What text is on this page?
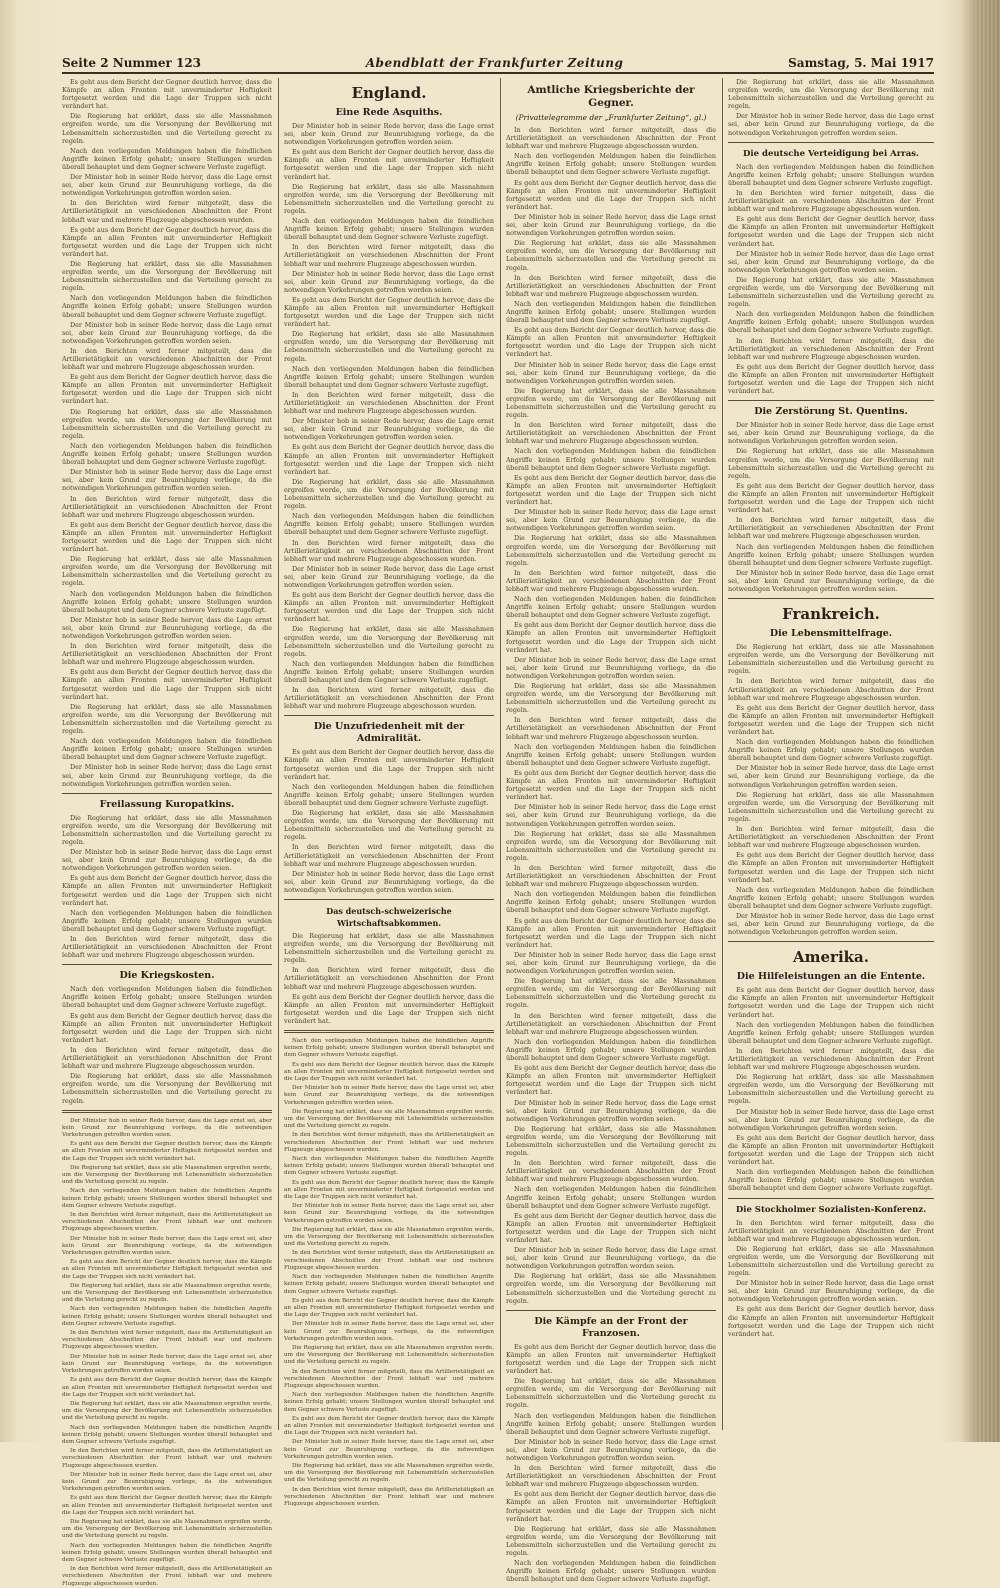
Seite 2 Nummer 123	Abendblatt der Frankfurter Zeitung	Samstag, 5. Mai 1917

Es geht aus dem Bericht der Gegner deutlich hervor, dass die Kämpfe an allen Fronten mit unverminderter Heftigkeit fortgesetzt werden und die Lage der Truppen sich nicht verändert hat.

Die Regierung hat erklärt, dass sie alle Massnahmen ergreifen werde, um die Versorgung der Bevölkerung mit Lebensmitteln sicherzustellen und die Verteilung gerecht zu regeln.

Nach den vorliegenden Meldungen haben die feindlichen Angriffe keinen Erfolg gehabt; unsere Stellungen wurden überall behauptet und dem Gegner schwere Verluste zugefügt.

Der Minister hob in seiner Rede hervor, dass die Lage ernst sei, aber kein Grund zur Beunruhigung vorliege, da die notwendigen Vorkehrungen getroffen worden seien.

In den Berichten wird ferner mitgeteilt, dass die Artillerietätigkeit an verschiedenen Abschnitten der Front lebhaft war und mehrere Flugzeuge abgeschossen wurden.

Es geht aus dem Bericht der Gegner deutlich hervor, dass die Kämpfe an allen Fronten mit unverminderter Heftigkeit fortgesetzt werden und die Lage der Truppen sich nicht verändert hat.

Die Regierung hat erklärt, dass sie alle Massnahmen ergreifen werde, um die Versorgung der Bevölkerung mit Lebensmitteln sicherzustellen und die Verteilung gerecht zu regeln.

Nach den vorliegenden Meldungen haben die feindlichen Angriffe keinen Erfolg gehabt; unsere Stellungen wurden überall behauptet und dem Gegner schwere Verluste zugefügt.

Der Minister hob in seiner Rede hervor, dass die Lage ernst sei, aber kein Grund zur Beunruhigung vorliege, da die notwendigen Vorkehrungen getroffen worden seien.

In den Berichten wird ferner mitgeteilt, dass die Artillerietätigkeit an verschiedenen Abschnitten der Front lebhaft war und mehrere Flugzeuge abgeschossen wurden.

Es geht aus dem Bericht der Gegner deutlich hervor, dass die Kämpfe an allen Fronten mit unverminderter Heftigkeit fortgesetzt werden und die Lage der Truppen sich nicht verändert hat.

Die Regierung hat erklärt, dass sie alle Massnahmen ergreifen werde, um die Versorgung der Bevölkerung mit Lebensmitteln sicherzustellen und die Verteilung gerecht zu regeln.

Nach den vorliegenden Meldungen haben die feindlichen Angriffe keinen Erfolg gehabt; unsere Stellungen wurden überall behauptet und dem Gegner schwere Verluste zugefügt.

Der Minister hob in seiner Rede hervor, dass die Lage ernst sei, aber kein Grund zur Beunruhigung vorliege, da die notwendigen Vorkehrungen getroffen worden seien.

In den Berichten wird ferner mitgeteilt, dass die Artillerietätigkeit an verschiedenen Abschnitten der Front lebhaft war und mehrere Flugzeuge abgeschossen wurden.

Es geht aus dem Bericht der Gegner deutlich hervor, dass die Kämpfe an allen Fronten mit unverminderter Heftigkeit fortgesetzt werden und die Lage der Truppen sich nicht verändert hat.

Die Regierung hat erklärt, dass sie alle Massnahmen ergreifen werde, um die Versorgung der Bevölkerung mit Lebensmitteln sicherzustellen und die Verteilung gerecht zu regeln.

Nach den vorliegenden Meldungen haben die feindlichen Angriffe keinen Erfolg gehabt; unsere Stellungen wurden überall behauptet und dem Gegner schwere Verluste zugefügt.

Der Minister hob in seiner Rede hervor, dass die Lage ernst sei, aber kein Grund zur Beunruhigung vorliege, da die notwendigen Vorkehrungen getroffen worden seien.

In den Berichten wird ferner mitgeteilt, dass die Artillerietätigkeit an verschiedenen Abschnitten der Front lebhaft war und mehrere Flugzeuge abgeschossen wurden.

Es geht aus dem Bericht der Gegner deutlich hervor, dass die Kämpfe an allen Fronten mit unverminderter Heftigkeit fortgesetzt werden und die Lage der Truppen sich nicht verändert hat.

Die Regierung hat erklärt, dass sie alle Massnahmen ergreifen werde, um die Versorgung der Bevölkerung mit Lebensmitteln sicherzustellen und die Verteilung gerecht zu regeln.

Nach den vorliegenden Meldungen haben die feindlichen Angriffe keinen Erfolg gehabt; unsere Stellungen wurden überall behauptet und dem Gegner schwere Verluste zugefügt.

Der Minister hob in seiner Rede hervor, dass die Lage ernst sei, aber kein Grund zur Beunruhigung vorliege, da die notwendigen Vorkehrungen getroffen worden seien.

Freilassung Kuropatkins.

Die Regierung hat erklärt, dass sie alle Massnahmen ergreifen werde, um die Versorgung der Bevölkerung mit Lebensmitteln sicherzustellen und die Verteilung gerecht zu regeln.

Der Minister hob in seiner Rede hervor, dass die Lage ernst sei, aber kein Grund zur Beunruhigung vorliege, da die notwendigen Vorkehrungen getroffen worden seien.

Es geht aus dem Bericht der Gegner deutlich hervor, dass die Kämpfe an allen Fronten mit unverminderter Heftigkeit fortgesetzt werden und die Lage der Truppen sich nicht verändert hat.

Nach den vorliegenden Meldungen haben die feindlichen Angriffe keinen Erfolg gehabt; unsere Stellungen wurden überall behauptet und dem Gegner schwere Verluste zugefügt.

In den Berichten wird ferner mitgeteilt, dass die Artillerietätigkeit an verschiedenen Abschnitten der Front lebhaft war und mehrere Flugzeuge abgeschossen wurden.

Die Kriegskosten.

Nach den vorliegenden Meldungen haben die feindlichen Angriffe keinen Erfolg gehabt; unsere Stellungen wurden überall behauptet und dem Gegner schwere Verluste zugefügt.

Es geht aus dem Bericht der Gegner deutlich hervor, dass die Kämpfe an allen Fronten mit unverminderter Heftigkeit fortgesetzt werden und die Lage der Truppen sich nicht verändert hat.

In den Berichten wird ferner mitgeteilt, dass die Artillerietätigkeit an verschiedenen Abschnitten der Front lebhaft war und mehrere Flugzeuge abgeschossen wurden.

Die Regierung hat erklärt, dass sie alle Massnahmen ergreifen werde, um die Versorgung der Bevölkerung mit Lebensmitteln sicherzustellen und die Verteilung gerecht zu regeln.

Der Minister hob in seiner Rede hervor, dass die Lage ernst sei, aber kein Grund zur Beunruhigung vorliege, da die notwendigen Vorkehrungen getroffen worden seien.

Es geht aus dem Bericht der Gegner deutlich hervor, dass die Kämpfe an allen Fronten mit unverminderter Heftigkeit fortgesetzt werden und die Lage der Truppen sich nicht verändert hat.

Die Regierung hat erklärt, dass sie alle Massnahmen ergreifen werde, um die Versorgung der Bevölkerung mit Lebensmitteln sicherzustellen und die Verteilung gerecht zu regeln.

Nach den vorliegenden Meldungen haben die feindlichen Angriffe keinen Erfolg gehabt; unsere Stellungen wurden überall behauptet und dem Gegner schwere Verluste zugefügt.

In den Berichten wird ferner mitgeteilt, dass die Artillerietätigkeit an verschiedenen Abschnitten der Front lebhaft war und mehrere Flugzeuge abgeschossen wurden.

Der Minister hob in seiner Rede hervor, dass die Lage ernst sei, aber kein Grund zur Beunruhigung vorliege, da die notwendigen Vorkehrungen getroffen worden seien.

Es geht aus dem Bericht der Gegner deutlich hervor, dass die Kämpfe an allen Fronten mit unverminderter Heftigkeit fortgesetzt werden und die Lage der Truppen sich nicht verändert hat.

Die Regierung hat erklärt, dass sie alle Massnahmen ergreifen werde, um die Versorgung der Bevölkerung mit Lebensmitteln sicherzustellen und die Verteilung gerecht zu regeln.

Nach den vorliegenden Meldungen haben die feindlichen Angriffe keinen Erfolg gehabt; unsere Stellungen wurden überall behauptet und dem Gegner schwere Verluste zugefügt.

In den Berichten wird ferner mitgeteilt, dass die Artillerietätigkeit an verschiedenen Abschnitten der Front lebhaft war und mehrere Flugzeuge abgeschossen wurden.

Der Minister hob in seiner Rede hervor, dass die Lage ernst sei, aber kein Grund zur Beunruhigung vorliege, da die notwendigen Vorkehrungen getroffen worden seien.

Es geht aus dem Bericht der Gegner deutlich hervor, dass die Kämpfe an allen Fronten mit unverminderter Heftigkeit fortgesetzt werden und die Lage der Truppen sich nicht verändert hat.

Die Regierung hat erklärt, dass sie alle Massnahmen ergreifen werde, um die Versorgung der Bevölkerung mit Lebensmitteln sicherzustellen und die Verteilung gerecht zu regeln.

Nach den vorliegenden Meldungen haben die feindlichen Angriffe keinen Erfolg gehabt; unsere Stellungen wurden überall behauptet und dem Gegner schwere Verluste zugefügt.

In den Berichten wird ferner mitgeteilt, dass die Artillerietätigkeit an verschiedenen Abschnitten der Front lebhaft war und mehrere Flugzeuge abgeschossen wurden.

Der Minister hob in seiner Rede hervor, dass die Lage ernst sei, aber kein Grund zur Beunruhigung vorliege, da die notwendigen Vorkehrungen getroffen worden seien.

Es geht aus dem Bericht der Gegner deutlich hervor, dass die Kämpfe an allen Fronten mit unverminderter Heftigkeit fortgesetzt werden und die Lage der Truppen sich nicht verändert hat.

Die Regierung hat erklärt, dass sie alle Massnahmen ergreifen werde, um die Versorgung der Bevölkerung mit Lebensmitteln sicherzustellen und die Verteilung gerecht zu regeln.

Nach den vorliegenden Meldungen haben die feindlichen Angriffe keinen Erfolg gehabt; unsere Stellungen wurden überall behauptet und dem Gegner schwere Verluste zugefügt.

In den Berichten wird ferner mitgeteilt, dass die Artillerietätigkeit an verschiedenen Abschnitten der Front lebhaft war und mehrere Flugzeuge abgeschossen wurden.

England.
Eine Rede Asquiths.

Der Minister hob in seiner Rede hervor, dass die Lage ernst sei, aber kein Grund zur Beunruhigung vorliege, da die notwendigen Vorkehrungen getroffen worden seien.

Es geht aus dem Bericht der Gegner deutlich hervor, dass die Kämpfe an allen Fronten mit unverminderter Heftigkeit fortgesetzt werden und die Lage der Truppen sich nicht verändert hat.

Die Regierung hat erklärt, dass sie alle Massnahmen ergreifen werde, um die Versorgung der Bevölkerung mit Lebensmitteln sicherzustellen und die Verteilung gerecht zu regeln.

Nach den vorliegenden Meldungen haben die feindlichen Angriffe keinen Erfolg gehabt; unsere Stellungen wurden überall behauptet und dem Gegner schwere Verluste zugefügt.

In den Berichten wird ferner mitgeteilt, dass die Artillerietätigkeit an verschiedenen Abschnitten der Front lebhaft war und mehrere Flugzeuge abgeschossen wurden.

Der Minister hob in seiner Rede hervor, dass die Lage ernst sei, aber kein Grund zur Beunruhigung vorliege, da die notwendigen Vorkehrungen getroffen worden seien.

Es geht aus dem Bericht der Gegner deutlich hervor, dass die Kämpfe an allen Fronten mit unverminderter Heftigkeit fortgesetzt werden und die Lage der Truppen sich nicht verändert hat.

Die Regierung hat erklärt, dass sie alle Massnahmen ergreifen werde, um die Versorgung der Bevölkerung mit Lebensmitteln sicherzustellen und die Verteilung gerecht zu regeln.

Nach den vorliegenden Meldungen haben die feindlichen Angriffe keinen Erfolg gehabt; unsere Stellungen wurden überall behauptet und dem Gegner schwere Verluste zugefügt.

In den Berichten wird ferner mitgeteilt, dass die Artillerietätigkeit an verschiedenen Abschnitten der Front lebhaft war und mehrere Flugzeuge abgeschossen wurden.

Der Minister hob in seiner Rede hervor, dass die Lage ernst sei, aber kein Grund zur Beunruhigung vorliege, da die notwendigen Vorkehrungen getroffen worden seien.

Es geht aus dem Bericht der Gegner deutlich hervor, dass die Kämpfe an allen Fronten mit unverminderter Heftigkeit fortgesetzt werden und die Lage der Truppen sich nicht verändert hat.

Die Regierung hat erklärt, dass sie alle Massnahmen ergreifen werde, um die Versorgung der Bevölkerung mit Lebensmitteln sicherzustellen und die Verteilung gerecht zu regeln.

Nach den vorliegenden Meldungen haben die feindlichen Angriffe keinen Erfolg gehabt; unsere Stellungen wurden überall behauptet und dem Gegner schwere Verluste zugefügt.

In den Berichten wird ferner mitgeteilt, dass die Artillerietätigkeit an verschiedenen Abschnitten der Front lebhaft war und mehrere Flugzeuge abgeschossen wurden.

Der Minister hob in seiner Rede hervor, dass die Lage ernst sei, aber kein Grund zur Beunruhigung vorliege, da die notwendigen Vorkehrungen getroffen worden seien.

Es geht aus dem Bericht der Gegner deutlich hervor, dass die Kämpfe an allen Fronten mit unverminderter Heftigkeit fortgesetzt werden und die Lage der Truppen sich nicht verändert hat.

Die Regierung hat erklärt, dass sie alle Massnahmen ergreifen werde, um die Versorgung der Bevölkerung mit Lebensmitteln sicherzustellen und die Verteilung gerecht zu regeln.

Nach den vorliegenden Meldungen haben die feindlichen Angriffe keinen Erfolg gehabt; unsere Stellungen wurden überall behauptet und dem Gegner schwere Verluste zugefügt.

In den Berichten wird ferner mitgeteilt, dass die Artillerietätigkeit an verschiedenen Abschnitten der Front lebhaft war und mehrere Flugzeuge abgeschossen wurden.

Die Unzufriedenheit mit der Admiralität.

Es geht aus dem Bericht der Gegner deutlich hervor, dass die Kämpfe an allen Fronten mit unverminderter Heftigkeit fortgesetzt werden und die Lage der Truppen sich nicht verändert hat.

Nach den vorliegenden Meldungen haben die feindlichen Angriffe keinen Erfolg gehabt; unsere Stellungen wurden überall behauptet und dem Gegner schwere Verluste zugefügt.

Die Regierung hat erklärt, dass sie alle Massnahmen ergreifen werde, um die Versorgung der Bevölkerung mit Lebensmitteln sicherzustellen und die Verteilung gerecht zu regeln.

In den Berichten wird ferner mitgeteilt, dass die Artillerietätigkeit an verschiedenen Abschnitten der Front lebhaft war und mehrere Flugzeuge abgeschossen wurden.

Der Minister hob in seiner Rede hervor, dass die Lage ernst sei, aber kein Grund zur Beunruhigung vorliege, da die notwendigen Vorkehrungen getroffen worden seien.

Das deutsch-schweizerische Wirtschaftsabkommen.

Die Regierung hat erklärt, dass sie alle Massnahmen ergreifen werde, um die Versorgung der Bevölkerung mit Lebensmitteln sicherzustellen und die Verteilung gerecht zu regeln.

In den Berichten wird ferner mitgeteilt, dass die Artillerietätigkeit an verschiedenen Abschnitten der Front lebhaft war und mehrere Flugzeuge abgeschossen wurden.

Es geht aus dem Bericht der Gegner deutlich hervor, dass die Kämpfe an allen Fronten mit unverminderter Heftigkeit fortgesetzt werden und die Lage der Truppen sich nicht verändert hat.

Nach den vorliegenden Meldungen haben die feindlichen Angriffe keinen Erfolg gehabt; unsere Stellungen wurden überall behauptet und dem Gegner schwere Verluste zugefügt.

Es geht aus dem Bericht der Gegner deutlich hervor, dass die Kämpfe an allen Fronten mit unverminderter Heftigkeit fortgesetzt werden und die Lage der Truppen sich nicht verändert hat.

Der Minister hob in seiner Rede hervor, dass die Lage ernst sei, aber kein Grund zur Beunruhigung vorliege, da die notwendigen Vorkehrungen getroffen worden seien.

Die Regierung hat erklärt, dass sie alle Massnahmen ergreifen werde, um die Versorgung der Bevölkerung mit Lebensmitteln sicherzustellen und die Verteilung gerecht zu regeln.

In den Berichten wird ferner mitgeteilt, dass die Artillerietätigkeit an verschiedenen Abschnitten der Front lebhaft war und mehrere Flugzeuge abgeschossen wurden.

Nach den vorliegenden Meldungen haben die feindlichen Angriffe keinen Erfolg gehabt; unsere Stellungen wurden überall behauptet und dem Gegner schwere Verluste zugefügt.

Es geht aus dem Bericht der Gegner deutlich hervor, dass die Kämpfe an allen Fronten mit unverminderter Heftigkeit fortgesetzt werden und die Lage der Truppen sich nicht verändert hat.

Der Minister hob in seiner Rede hervor, dass die Lage ernst sei, aber kein Grund zur Beunruhigung vorliege, da die notwendigen Vorkehrungen getroffen worden seien.

Die Regierung hat erklärt, dass sie alle Massnahmen ergreifen werde, um die Versorgung der Bevölkerung mit Lebensmitteln sicherzustellen und die Verteilung gerecht zu regeln.

In den Berichten wird ferner mitgeteilt, dass die Artillerietätigkeit an verschiedenen Abschnitten der Front lebhaft war und mehrere Flugzeuge abgeschossen wurden.

Nach den vorliegenden Meldungen haben die feindlichen Angriffe keinen Erfolg gehabt; unsere Stellungen wurden überall behauptet und dem Gegner schwere Verluste zugefügt.

Es geht aus dem Bericht der Gegner deutlich hervor, dass die Kämpfe an allen Fronten mit unverminderter Heftigkeit fortgesetzt werden und die Lage der Truppen sich nicht verändert hat.

Der Minister hob in seiner Rede hervor, dass die Lage ernst sei, aber kein Grund zur Beunruhigung vorliege, da die notwendigen Vorkehrungen getroffen worden seien.

Die Regierung hat erklärt, dass sie alle Massnahmen ergreifen werde, um die Versorgung der Bevölkerung mit Lebensmitteln sicherzustellen und die Verteilung gerecht zu regeln.

In den Berichten wird ferner mitgeteilt, dass die Artillerietätigkeit an verschiedenen Abschnitten der Front lebhaft war und mehrere Flugzeuge abgeschossen wurden.

Nach den vorliegenden Meldungen haben die feindlichen Angriffe keinen Erfolg gehabt; unsere Stellungen wurden überall behauptet und dem Gegner schwere Verluste zugefügt.

Es geht aus dem Bericht der Gegner deutlich hervor, dass die Kämpfe an allen Fronten mit unverminderter Heftigkeit fortgesetzt werden und die Lage der Truppen sich nicht verändert hat.

Der Minister hob in seiner Rede hervor, dass die Lage ernst sei, aber kein Grund zur Beunruhigung vorliege, da die notwendigen Vorkehrungen getroffen worden seien.

Die Regierung hat erklärt, dass sie alle Massnahmen ergreifen werde, um die Versorgung der Bevölkerung mit Lebensmitteln sicherzustellen und die Verteilung gerecht zu regeln.

In den Berichten wird ferner mitgeteilt, dass die Artillerietätigkeit an verschiedenen Abschnitten der Front lebhaft war und mehrere Flugzeuge abgeschossen wurden.

Amtliche Kriegsberichte der Gegner.
(Privattelegramme der „Frankfurter Zeitung“, gl.)

In den Berichten wird ferner mitgeteilt, dass die Artillerietätigkeit an verschiedenen Abschnitten der Front lebhaft war und mehrere Flugzeuge abgeschossen wurden.

Nach den vorliegenden Meldungen haben die feindlichen Angriffe keinen Erfolg gehabt; unsere Stellungen wurden überall behauptet und dem Gegner schwere Verluste zugefügt.

Es geht aus dem Bericht der Gegner deutlich hervor, dass die Kämpfe an allen Fronten mit unverminderter Heftigkeit fortgesetzt werden und die Lage der Truppen sich nicht verändert hat.

Der Minister hob in seiner Rede hervor, dass die Lage ernst sei, aber kein Grund zur Beunruhigung vorliege, da die notwendigen Vorkehrungen getroffen worden seien.

Die Regierung hat erklärt, dass sie alle Massnahmen ergreifen werde, um die Versorgung der Bevölkerung mit Lebensmitteln sicherzustellen und die Verteilung gerecht zu regeln.

In den Berichten wird ferner mitgeteilt, dass die Artillerietätigkeit an verschiedenen Abschnitten der Front lebhaft war und mehrere Flugzeuge abgeschossen wurden.

Nach den vorliegenden Meldungen haben die feindlichen Angriffe keinen Erfolg gehabt; unsere Stellungen wurden überall behauptet und dem Gegner schwere Verluste zugefügt.

Es geht aus dem Bericht der Gegner deutlich hervor, dass die Kämpfe an allen Fronten mit unverminderter Heftigkeit fortgesetzt werden und die Lage der Truppen sich nicht verändert hat.

Der Minister hob in seiner Rede hervor, dass die Lage ernst sei, aber kein Grund zur Beunruhigung vorliege, da die notwendigen Vorkehrungen getroffen worden seien.

Die Regierung hat erklärt, dass sie alle Massnahmen ergreifen werde, um die Versorgung der Bevölkerung mit Lebensmitteln sicherzustellen und die Verteilung gerecht zu regeln.

In den Berichten wird ferner mitgeteilt, dass die Artillerietätigkeit an verschiedenen Abschnitten der Front lebhaft war und mehrere Flugzeuge abgeschossen wurden.

Nach den vorliegenden Meldungen haben die feindlichen Angriffe keinen Erfolg gehabt; unsere Stellungen wurden überall behauptet und dem Gegner schwere Verluste zugefügt.

Es geht aus dem Bericht der Gegner deutlich hervor, dass die Kämpfe an allen Fronten mit unverminderter Heftigkeit fortgesetzt werden und die Lage der Truppen sich nicht verändert hat.

Der Minister hob in seiner Rede hervor, dass die Lage ernst sei, aber kein Grund zur Beunruhigung vorliege, da die notwendigen Vorkehrungen getroffen worden seien.

Die Regierung hat erklärt, dass sie alle Massnahmen ergreifen werde, um die Versorgung der Bevölkerung mit Lebensmitteln sicherzustellen und die Verteilung gerecht zu regeln.

In den Berichten wird ferner mitgeteilt, dass die Artillerietätigkeit an verschiedenen Abschnitten der Front lebhaft war und mehrere Flugzeuge abgeschossen wurden.

Nach den vorliegenden Meldungen haben die feindlichen Angriffe keinen Erfolg gehabt; unsere Stellungen wurden überall behauptet und dem Gegner schwere Verluste zugefügt.

Es geht aus dem Bericht der Gegner deutlich hervor, dass die Kämpfe an allen Fronten mit unverminderter Heftigkeit fortgesetzt werden und die Lage der Truppen sich nicht verändert hat.

Der Minister hob in seiner Rede hervor, dass die Lage ernst sei, aber kein Grund zur Beunruhigung vorliege, da die notwendigen Vorkehrungen getroffen worden seien.

Die Regierung hat erklärt, dass sie alle Massnahmen ergreifen werde, um die Versorgung der Bevölkerung mit Lebensmitteln sicherzustellen und die Verteilung gerecht zu regeln.

In den Berichten wird ferner mitgeteilt, dass die Artillerietätigkeit an verschiedenen Abschnitten der Front lebhaft war und mehrere Flugzeuge abgeschossen wurden.

Nach den vorliegenden Meldungen haben die feindlichen Angriffe keinen Erfolg gehabt; unsere Stellungen wurden überall behauptet und dem Gegner schwere Verluste zugefügt.

Es geht aus dem Bericht der Gegner deutlich hervor, dass die Kämpfe an allen Fronten mit unverminderter Heftigkeit fortgesetzt werden und die Lage der Truppen sich nicht verändert hat.

Der Minister hob in seiner Rede hervor, dass die Lage ernst sei, aber kein Grund zur Beunruhigung vorliege, da die notwendigen Vorkehrungen getroffen worden seien.

Die Regierung hat erklärt, dass sie alle Massnahmen ergreifen werde, um die Versorgung der Bevölkerung mit Lebensmitteln sicherzustellen und die Verteilung gerecht zu regeln.

In den Berichten wird ferner mitgeteilt, dass die Artillerietätigkeit an verschiedenen Abschnitten der Front lebhaft war und mehrere Flugzeuge abgeschossen wurden.

Nach den vorliegenden Meldungen haben die feindlichen Angriffe keinen Erfolg gehabt; unsere Stellungen wurden überall behauptet und dem Gegner schwere Verluste zugefügt.

Es geht aus dem Bericht der Gegner deutlich hervor, dass die Kämpfe an allen Fronten mit unverminderter Heftigkeit fortgesetzt werden und die Lage der Truppen sich nicht verändert hat.

Der Minister hob in seiner Rede hervor, dass die Lage ernst sei, aber kein Grund zur Beunruhigung vorliege, da die notwendigen Vorkehrungen getroffen worden seien.

Die Regierung hat erklärt, dass sie alle Massnahmen ergreifen werde, um die Versorgung der Bevölkerung mit Lebensmitteln sicherzustellen und die Verteilung gerecht zu regeln.

In den Berichten wird ferner mitgeteilt, dass die Artillerietätigkeit an verschiedenen Abschnitten der Front lebhaft war und mehrere Flugzeuge abgeschossen wurden.

Nach den vorliegenden Meldungen haben die feindlichen Angriffe keinen Erfolg gehabt; unsere Stellungen wurden überall behauptet und dem Gegner schwere Verluste zugefügt.

Es geht aus dem Bericht der Gegner deutlich hervor, dass die Kämpfe an allen Fronten mit unverminderter Heftigkeit fortgesetzt werden und die Lage der Truppen sich nicht verändert hat.

Der Minister hob in seiner Rede hervor, dass die Lage ernst sei, aber kein Grund zur Beunruhigung vorliege, da die notwendigen Vorkehrungen getroffen worden seien.

Die Regierung hat erklärt, dass sie alle Massnahmen ergreifen werde, um die Versorgung der Bevölkerung mit Lebensmitteln sicherzustellen und die Verteilung gerecht zu regeln.

In den Berichten wird ferner mitgeteilt, dass die Artillerietätigkeit an verschiedenen Abschnitten der Front lebhaft war und mehrere Flugzeuge abgeschossen wurden.

Nach den vorliegenden Meldungen haben die feindlichen Angriffe keinen Erfolg gehabt; unsere Stellungen wurden überall behauptet und dem Gegner schwere Verluste zugefügt.

Es geht aus dem Bericht der Gegner deutlich hervor, dass die Kämpfe an allen Fronten mit unverminderter Heftigkeit fortgesetzt werden und die Lage der Truppen sich nicht verändert hat.

Der Minister hob in seiner Rede hervor, dass die Lage ernst sei, aber kein Grund zur Beunruhigung vorliege, da die notwendigen Vorkehrungen getroffen worden seien.

Die Regierung hat erklärt, dass sie alle Massnahmen ergreifen werde, um die Versorgung der Bevölkerung mit Lebensmitteln sicherzustellen und die Verteilung gerecht zu regeln.

Die Kämpfe an der Front der Franzosen.

Es geht aus dem Bericht der Gegner deutlich hervor, dass die Kämpfe an allen Fronten mit unverminderter Heftigkeit fortgesetzt werden und die Lage der Truppen sich nicht verändert hat.

Die Regierung hat erklärt, dass sie alle Massnahmen ergreifen werde, um die Versorgung der Bevölkerung mit Lebensmitteln sicherzustellen und die Verteilung gerecht zu regeln.

Nach den vorliegenden Meldungen haben die feindlichen Angriffe keinen Erfolg gehabt; unsere Stellungen wurden überall behauptet und dem Gegner schwere Verluste zugefügt.

Der Minister hob in seiner Rede hervor, dass die Lage ernst sei, aber kein Grund zur Beunruhigung vorliege, da die notwendigen Vorkehrungen getroffen worden seien.

In den Berichten wird ferner mitgeteilt, dass die Artillerietätigkeit an verschiedenen Abschnitten der Front lebhaft war und mehrere Flugzeuge abgeschossen wurden.

Es geht aus dem Bericht der Gegner deutlich hervor, dass die Kämpfe an allen Fronten mit unverminderter Heftigkeit fortgesetzt werden und die Lage der Truppen sich nicht verändert hat.

Die Regierung hat erklärt, dass sie alle Massnahmen ergreifen werde, um die Versorgung der Bevölkerung mit Lebensmitteln sicherzustellen und die Verteilung gerecht zu regeln.

Nach den vorliegenden Meldungen haben die feindlichen Angriffe keinen Erfolg gehabt; unsere Stellungen wurden überall behauptet und dem Gegner schwere Verluste zugefügt.

Die Regierung hat erklärt, dass sie alle Massnahmen ergreifen werde, um die Versorgung der Bevölkerung mit Lebensmitteln sicherzustellen und die Verteilung gerecht zu regeln.

Der Minister hob in seiner Rede hervor, dass die Lage ernst sei, aber kein Grund zur Beunruhigung vorliege, da die notwendigen Vorkehrungen getroffen worden seien.

Die deutsche Verteidigung bei Arras.

Nach den vorliegenden Meldungen haben die feindlichen Angriffe keinen Erfolg gehabt; unsere Stellungen wurden überall behauptet und dem Gegner schwere Verluste zugefügt.

In den Berichten wird ferner mitgeteilt, dass die Artillerietätigkeit an verschiedenen Abschnitten der Front lebhaft war und mehrere Flugzeuge abgeschossen wurden.

Es geht aus dem Bericht der Gegner deutlich hervor, dass die Kämpfe an allen Fronten mit unverminderter Heftigkeit fortgesetzt werden und die Lage der Truppen sich nicht verändert hat.

Der Minister hob in seiner Rede hervor, dass die Lage ernst sei, aber kein Grund zur Beunruhigung vorliege, da die notwendigen Vorkehrungen getroffen worden seien.

Die Regierung hat erklärt, dass sie alle Massnahmen ergreifen werde, um die Versorgung der Bevölkerung mit Lebensmitteln sicherzustellen und die Verteilung gerecht zu regeln.

Nach den vorliegenden Meldungen haben die feindlichen Angriffe keinen Erfolg gehabt; unsere Stellungen wurden überall behauptet und dem Gegner schwere Verluste zugefügt.

In den Berichten wird ferner mitgeteilt, dass die Artillerietätigkeit an verschiedenen Abschnitten der Front lebhaft war und mehrere Flugzeuge abgeschossen wurden.

Es geht aus dem Bericht der Gegner deutlich hervor, dass die Kämpfe an allen Fronten mit unverminderter Heftigkeit fortgesetzt werden und die Lage der Truppen sich nicht verändert hat.

Die Zerstörung St. Quentins.

Der Minister hob in seiner Rede hervor, dass die Lage ernst sei, aber kein Grund zur Beunruhigung vorliege, da die notwendigen Vorkehrungen getroffen worden seien.

Die Regierung hat erklärt, dass sie alle Massnahmen ergreifen werde, um die Versorgung der Bevölkerung mit Lebensmitteln sicherzustellen und die Verteilung gerecht zu regeln.

Es geht aus dem Bericht der Gegner deutlich hervor, dass die Kämpfe an allen Fronten mit unverminderter Heftigkeit fortgesetzt werden und die Lage der Truppen sich nicht verändert hat.

In den Berichten wird ferner mitgeteilt, dass die Artillerietätigkeit an verschiedenen Abschnitten der Front lebhaft war und mehrere Flugzeuge abgeschossen wurden.

Nach den vorliegenden Meldungen haben die feindlichen Angriffe keinen Erfolg gehabt; unsere Stellungen wurden überall behauptet und dem Gegner schwere Verluste zugefügt.

Der Minister hob in seiner Rede hervor, dass die Lage ernst sei, aber kein Grund zur Beunruhigung vorliege, da die notwendigen Vorkehrungen getroffen worden seien.

Frankreich.
Die Lebensmittelfrage.

Die Regierung hat erklärt, dass sie alle Massnahmen ergreifen werde, um die Versorgung der Bevölkerung mit Lebensmitteln sicherzustellen und die Verteilung gerecht zu regeln.

In den Berichten wird ferner mitgeteilt, dass die Artillerietätigkeit an verschiedenen Abschnitten der Front lebhaft war und mehrere Flugzeuge abgeschossen wurden.

Es geht aus dem Bericht der Gegner deutlich hervor, dass die Kämpfe an allen Fronten mit unverminderter Heftigkeit fortgesetzt werden und die Lage der Truppen sich nicht verändert hat.

Nach den vorliegenden Meldungen haben die feindlichen Angriffe keinen Erfolg gehabt; unsere Stellungen wurden überall behauptet und dem Gegner schwere Verluste zugefügt.

Der Minister hob in seiner Rede hervor, dass die Lage ernst sei, aber kein Grund zur Beunruhigung vorliege, da die notwendigen Vorkehrungen getroffen worden seien.

Die Regierung hat erklärt, dass sie alle Massnahmen ergreifen werde, um die Versorgung der Bevölkerung mit Lebensmitteln sicherzustellen und die Verteilung gerecht zu regeln.

In den Berichten wird ferner mitgeteilt, dass die Artillerietätigkeit an verschiedenen Abschnitten der Front lebhaft war und mehrere Flugzeuge abgeschossen wurden.

Es geht aus dem Bericht der Gegner deutlich hervor, dass die Kämpfe an allen Fronten mit unverminderter Heftigkeit fortgesetzt werden und die Lage der Truppen sich nicht verändert hat.

Nach den vorliegenden Meldungen haben die feindlichen Angriffe keinen Erfolg gehabt; unsere Stellungen wurden überall behauptet und dem Gegner schwere Verluste zugefügt.

Der Minister hob in seiner Rede hervor, dass die Lage ernst sei, aber kein Grund zur Beunruhigung vorliege, da die notwendigen Vorkehrungen getroffen worden seien.

Amerika.
Die Hilfeleistungen an die Entente.

Es geht aus dem Bericht der Gegner deutlich hervor, dass die Kämpfe an allen Fronten mit unverminderter Heftigkeit fortgesetzt werden und die Lage der Truppen sich nicht verändert hat.

Nach den vorliegenden Meldungen haben die feindlichen Angriffe keinen Erfolg gehabt; unsere Stellungen wurden überall behauptet und dem Gegner schwere Verluste zugefügt.

In den Berichten wird ferner mitgeteilt, dass die Artillerietätigkeit an verschiedenen Abschnitten der Front lebhaft war und mehrere Flugzeuge abgeschossen wurden.

Die Regierung hat erklärt, dass sie alle Massnahmen ergreifen werde, um die Versorgung der Bevölkerung mit Lebensmitteln sicherzustellen und die Verteilung gerecht zu regeln.

Der Minister hob in seiner Rede hervor, dass die Lage ernst sei, aber kein Grund zur Beunruhigung vorliege, da die notwendigen Vorkehrungen getroffen worden seien.

Es geht aus dem Bericht der Gegner deutlich hervor, dass die Kämpfe an allen Fronten mit unverminderter Heftigkeit fortgesetzt werden und die Lage der Truppen sich nicht verändert hat.

Nach den vorliegenden Meldungen haben die feindlichen Angriffe keinen Erfolg gehabt; unsere Stellungen wurden überall behauptet und dem Gegner schwere Verluste zugefügt.

Die Stockholmer Sozialisten-Konferenz.

In den Berichten wird ferner mitgeteilt, dass die Artillerietätigkeit an verschiedenen Abschnitten der Front lebhaft war und mehrere Flugzeuge abgeschossen wurden.

Die Regierung hat erklärt, dass sie alle Massnahmen ergreifen werde, um die Versorgung der Bevölkerung mit Lebensmitteln sicherzustellen und die Verteilung gerecht zu regeln.

Der Minister hob in seiner Rede hervor, dass die Lage ernst sei, aber kein Grund zur Beunruhigung vorliege, da die notwendigen Vorkehrungen getroffen worden seien.

Es geht aus dem Bericht der Gegner deutlich hervor, dass die Kämpfe an allen Fronten mit unverminderter Heftigkeit fortgesetzt werden und die Lage der Truppen sich nicht verändert hat.
